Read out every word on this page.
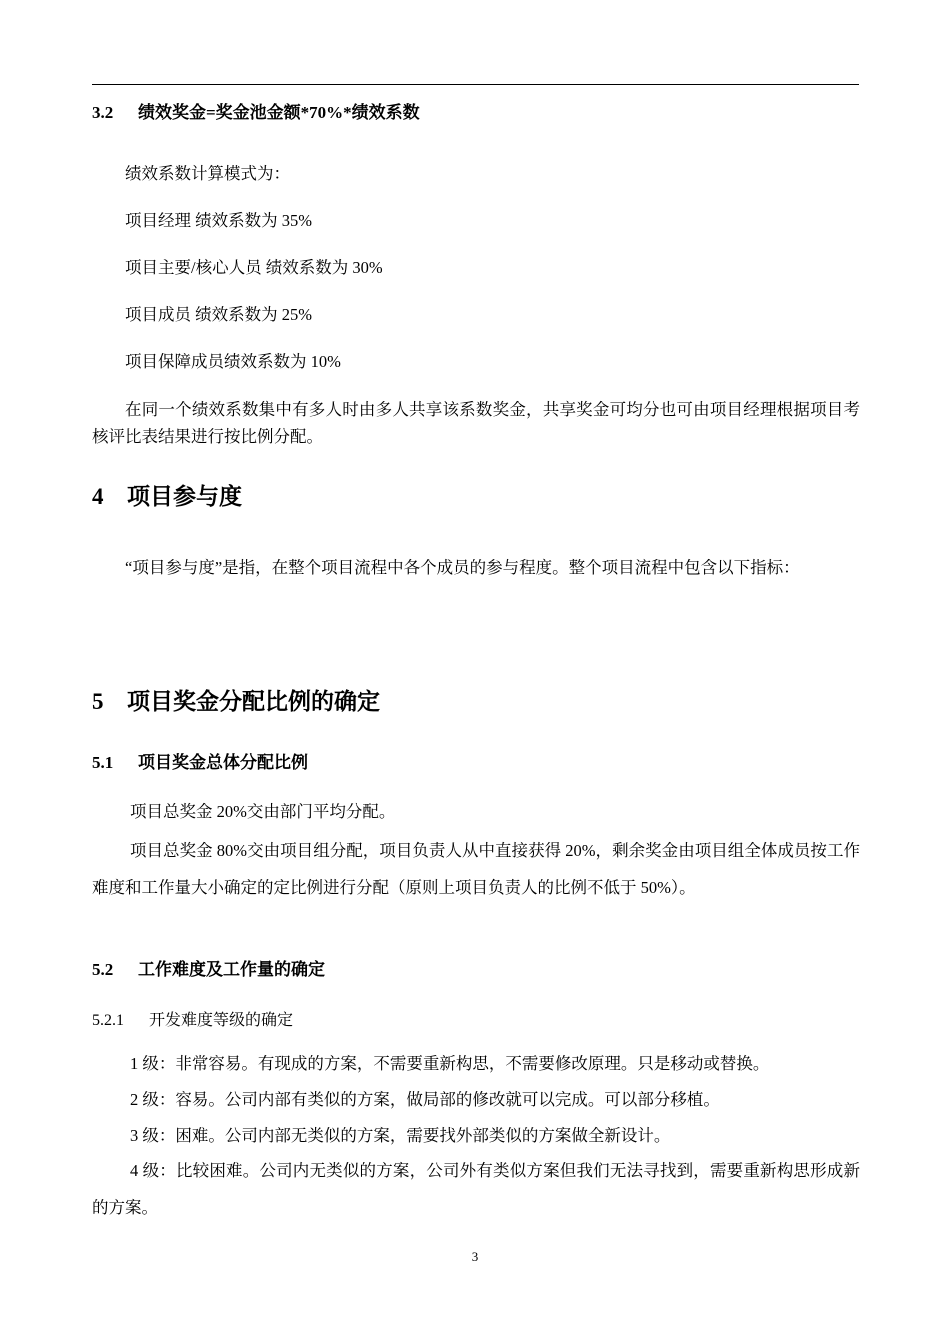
3.2 绩效奖金=奖金池金额*70%*绩效系数
绩效系数计算模式为：
项目经理 绩效系数为 35%
项目主要/核心人员 绩效系数为 30%
项目成员 绩效系数为 25%
项目保障成员绩效系数为 10%
在同一个绩效系数集中有多人时由多人共享该系数奖金，共享奖金可均分也可由项目经理根据项目考核评比表结果进行按比例分配。
4 项目参与度
“项目参与度”是指，在整个项目流程中各个成员的参与程度。整个项目流程中包含以下指标：
5 项目奖金分配比例的确定
5.1 项目奖金总体分配比例
项目总奖金 20%交由部门平均分配。
项目总奖金 80%交由项目组分配，项目负责人从中直接获得 20%，剩余奖金由项目组全体成员按工作难度和工作量大小确定的定比例进行分配（原则上项目负责人的比例不低于 50%）。
5.2 工作难度及工作量的确定
5.2.1 开发难度等级的确定
1 级：非常容易。有现成的方案，不需要重新构思，不需要修改原理。只是移动或替换。
2 级：容易。公司内部有类似的方案，做局部的修改就可以完成。可以部分移植。
3 级：困难。公司内部无类似的方案，需要找外部类似的方案做全新设计。
4 级：比较困难。公司内无类似的方案，公司外有类似方案但我们无法寻找到，需要重新构思形成新的方案。
3
